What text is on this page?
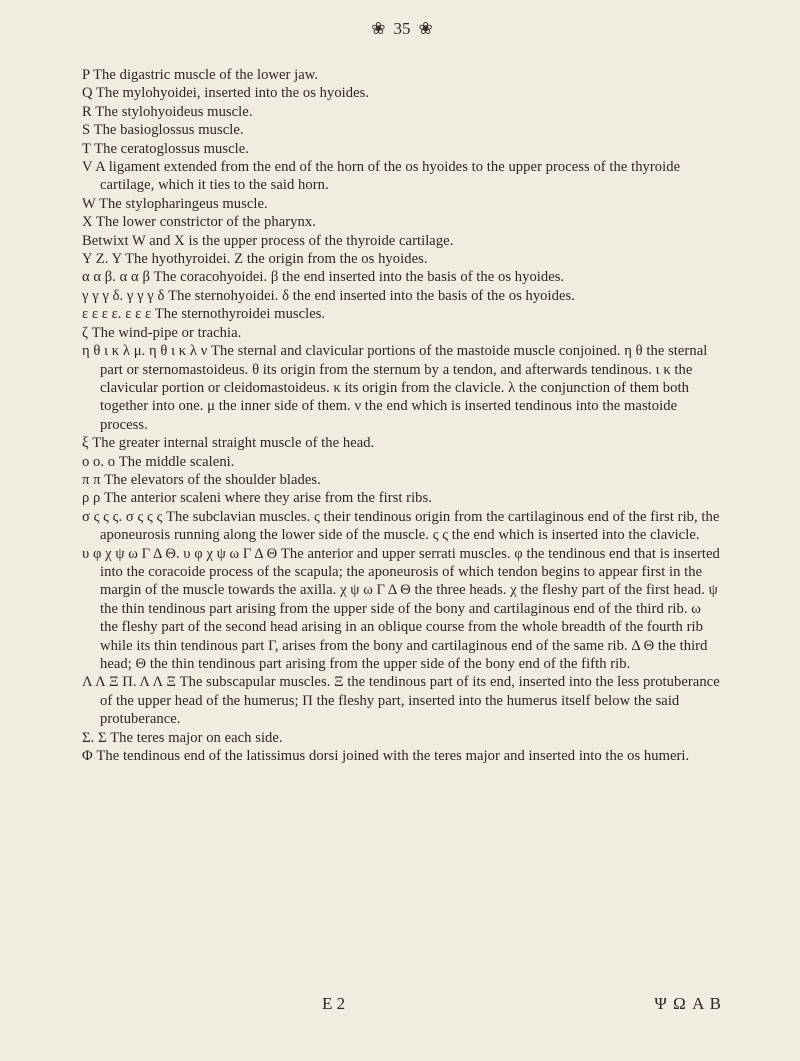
❀ 35 ❀

P The digastric muscle of the lower jaw.

Q The mylohyoidei, inserted into the os hyoides.

R The stylohyoideus muscle.

S The basioglossus muscle.

T The ceratoglossus muscle.

V A ligament extended from the end of the horn of the os hyoides to the upper process of the thyroide cartilage, which it ties to the said horn.

W The stylopharingeus muscle.

X The lower constrictor of the pharynx.

Betwixt W and X is the upper process of the thyroide cartilage.

Y Z. Y The hyothyroidei. Z the origin from the os hyoides.

α α β. α α β The coracohyoidei. β the end inserted into the basis of the os hyoides.

γ γ γ δ. γ γ γ δ The sternohyoidei. δ the end inserted into the basis of the os hyoides.

ε ε ε ε. ε ε ε The sternothyroidei muscles.

ζ The wind-pipe or trachia.

η θ ι κ λ μ. η θ ι κ λ ν The sternal and clavicular portions of the mastoide muscle conjoined. η θ the sternal part or sternomastoideus. θ its origin from the sternum by a tendon, and afterwards tendinous. ι κ the clavicular portion or cleidomastoideus. κ its origin from the clavicle. λ the conjunction of them both together into one. μ the inner side of them. ν the end which is inserted tendinous into the mastoide process.

ξ The greater internal straight muscle of the head.

ο ο. ο The middle scaleni.

π π The elevators of the shoulder blades.

ρ ρ The anterior scaleni where they arise from the first ribs.

σ ς ς ς. σ ς ς ς The subclavian muscles. ς their tendinous origin from the cartilaginous end of the first rib, the aponeurosis running along the lower side of the muscle. ς ς the end which is inserted into the clavicle.

υ φ χ ψ ω Γ Δ Θ. υ φ χ ψ ω Γ Δ Θ The anterior and upper serrati muscles. φ the tendinous end that is inserted into the coracoide process of the scapula; the aponeurosis of which tendon begins to appear first in the margin of the muscle towards the axilla. χ ψ ω Γ Δ Θ the three heads. χ the fleshy part of the first head. ψ the thin tendinous part arising from the upper side of the bony and cartilaginous end of the third rib. ω the fleshy part of the second head arising in an oblique course from the whole breadth of the fourth rib while its thin tendinous part Γ, arises from the bony and cartilaginous end of the same rib. Δ Θ the third head; Θ the thin tendinous part arising from the upper side of the bony end of the fifth rib.

Λ Λ Ξ Π. Λ Λ Ξ The subscapular muscles. Ξ the tendinous part of its end, inserted into the less protuberance of the upper head of the humerus; Π the fleshy part, inserted into the humerus itself below the said protuberance.

Σ. Σ The teres major on each side.

Φ The tendinous end of the latissimus dorsi joined with the teres major and inserted into the os humeri.

E 2	Ψ Ω A B
